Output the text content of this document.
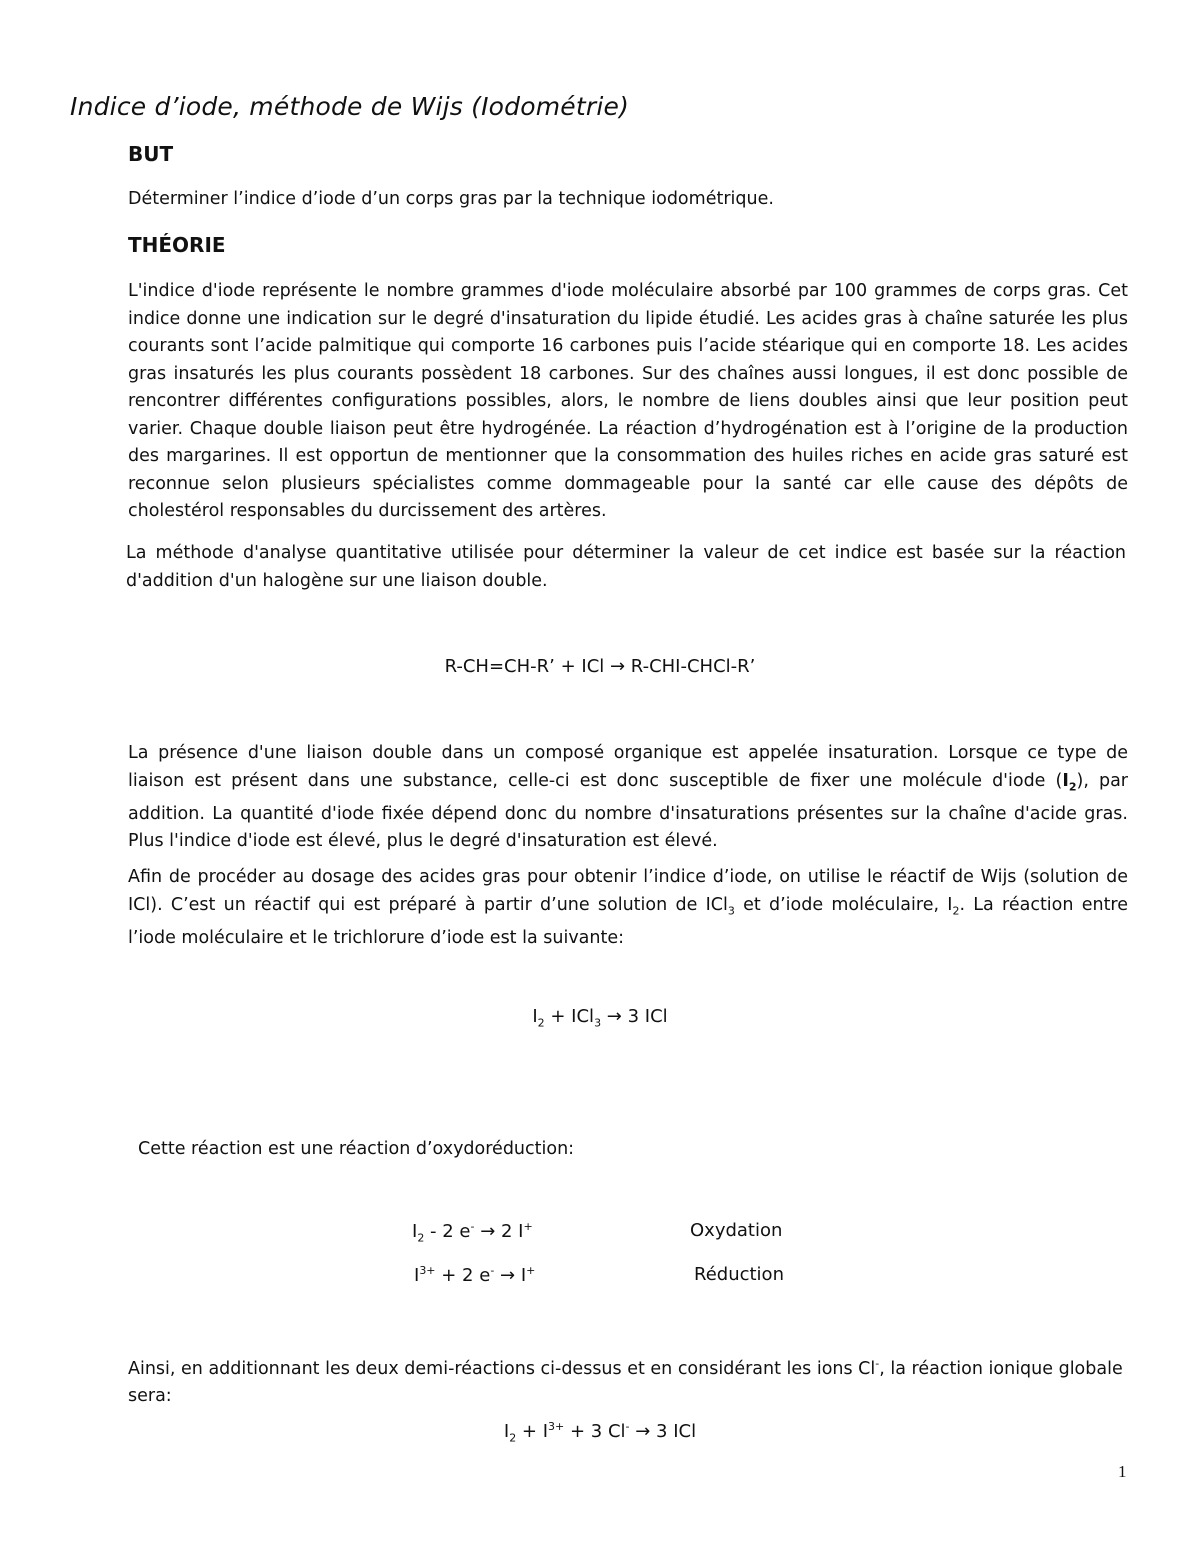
Indice d’iode, méthode de Wijs (Iodométrie)
BUT

Déterminer l’indice d’iode d’un corps gras par la technique iodométrique.

THÉORIE

L'indice d'iode représente le nombre grammes d'iode moléculaire absorbé par 100 grammes de corps gras. Cet indice donne une indication sur le degré d'insaturation du lipide étudié. Les acides gras à chaîne saturée les plus courants sont l’acide palmitique qui comporte 16 carbones puis l’acide stéarique qui en comporte 18. Les acides gras insaturés les plus courants possèdent 18 carbones. Sur des chaînes aussi longues, il est donc possible de rencontrer différentes configurations possibles, alors, le nombre de liens doubles ainsi que leur position peut varier. Chaque double liaison peut être hydrogénée. La réaction d’hydrogénation est à l’origine de la production des margarines. Il est opportun de mentionner que la consommation des huiles riches en acide gras saturé est reconnue selon plusieurs spécialistes comme dommageable pour la santé car elle cause des dépôts de cholestérol responsables du durcissement des artères.

La méthode d'analyse quantitative utilisée pour déterminer la valeur de cet indice est basée sur la réaction d'addition d'un halogène sur une liaison double.

R-CH=CH-R’ + ICl → R-CHI-CHCl-R’

La présence d'une liaison double dans un composé organique est appelée insaturation. Lorsque ce type de liaison est présent dans une substance, celle-ci est donc susceptible de fixer une molécule d'iode $(I_2)$, par addition. La quantité d'iode fixée dépend donc du nombre d'insaturations présentes sur la chaîne d'acide gras. Plus l'indice d'iode est élevé, plus le degré d'insaturation est élevé.

Afin de procéder au dosage des acides gras pour obtenir l’indice d’iode, on utilise le réactif de Wijs (solution de ICl). C’est un réactif qui est préparé à partir d’une solution de ICl$_3$ et d’iode moléculaire, $I_2$. La réaction entre l’iode moléculaire et le trichlorure d’iode est la suivante:

$I_2 + ICl_3 \to 3$ ICl

Cette réaction est une réaction d’oxydoréduction:

$I_2 - 2$ e- → 2 I+	Oxydation
$I^{3+} + 2$ e- → I+	Réduction

Ainsi, en additionnant les deux demi-réactions ci-dessus et en considérant les ions Cl-, la réaction ionique globale sera:

$I_2 + I^{3+} + 3$ Cl- → 3 ICl
1
